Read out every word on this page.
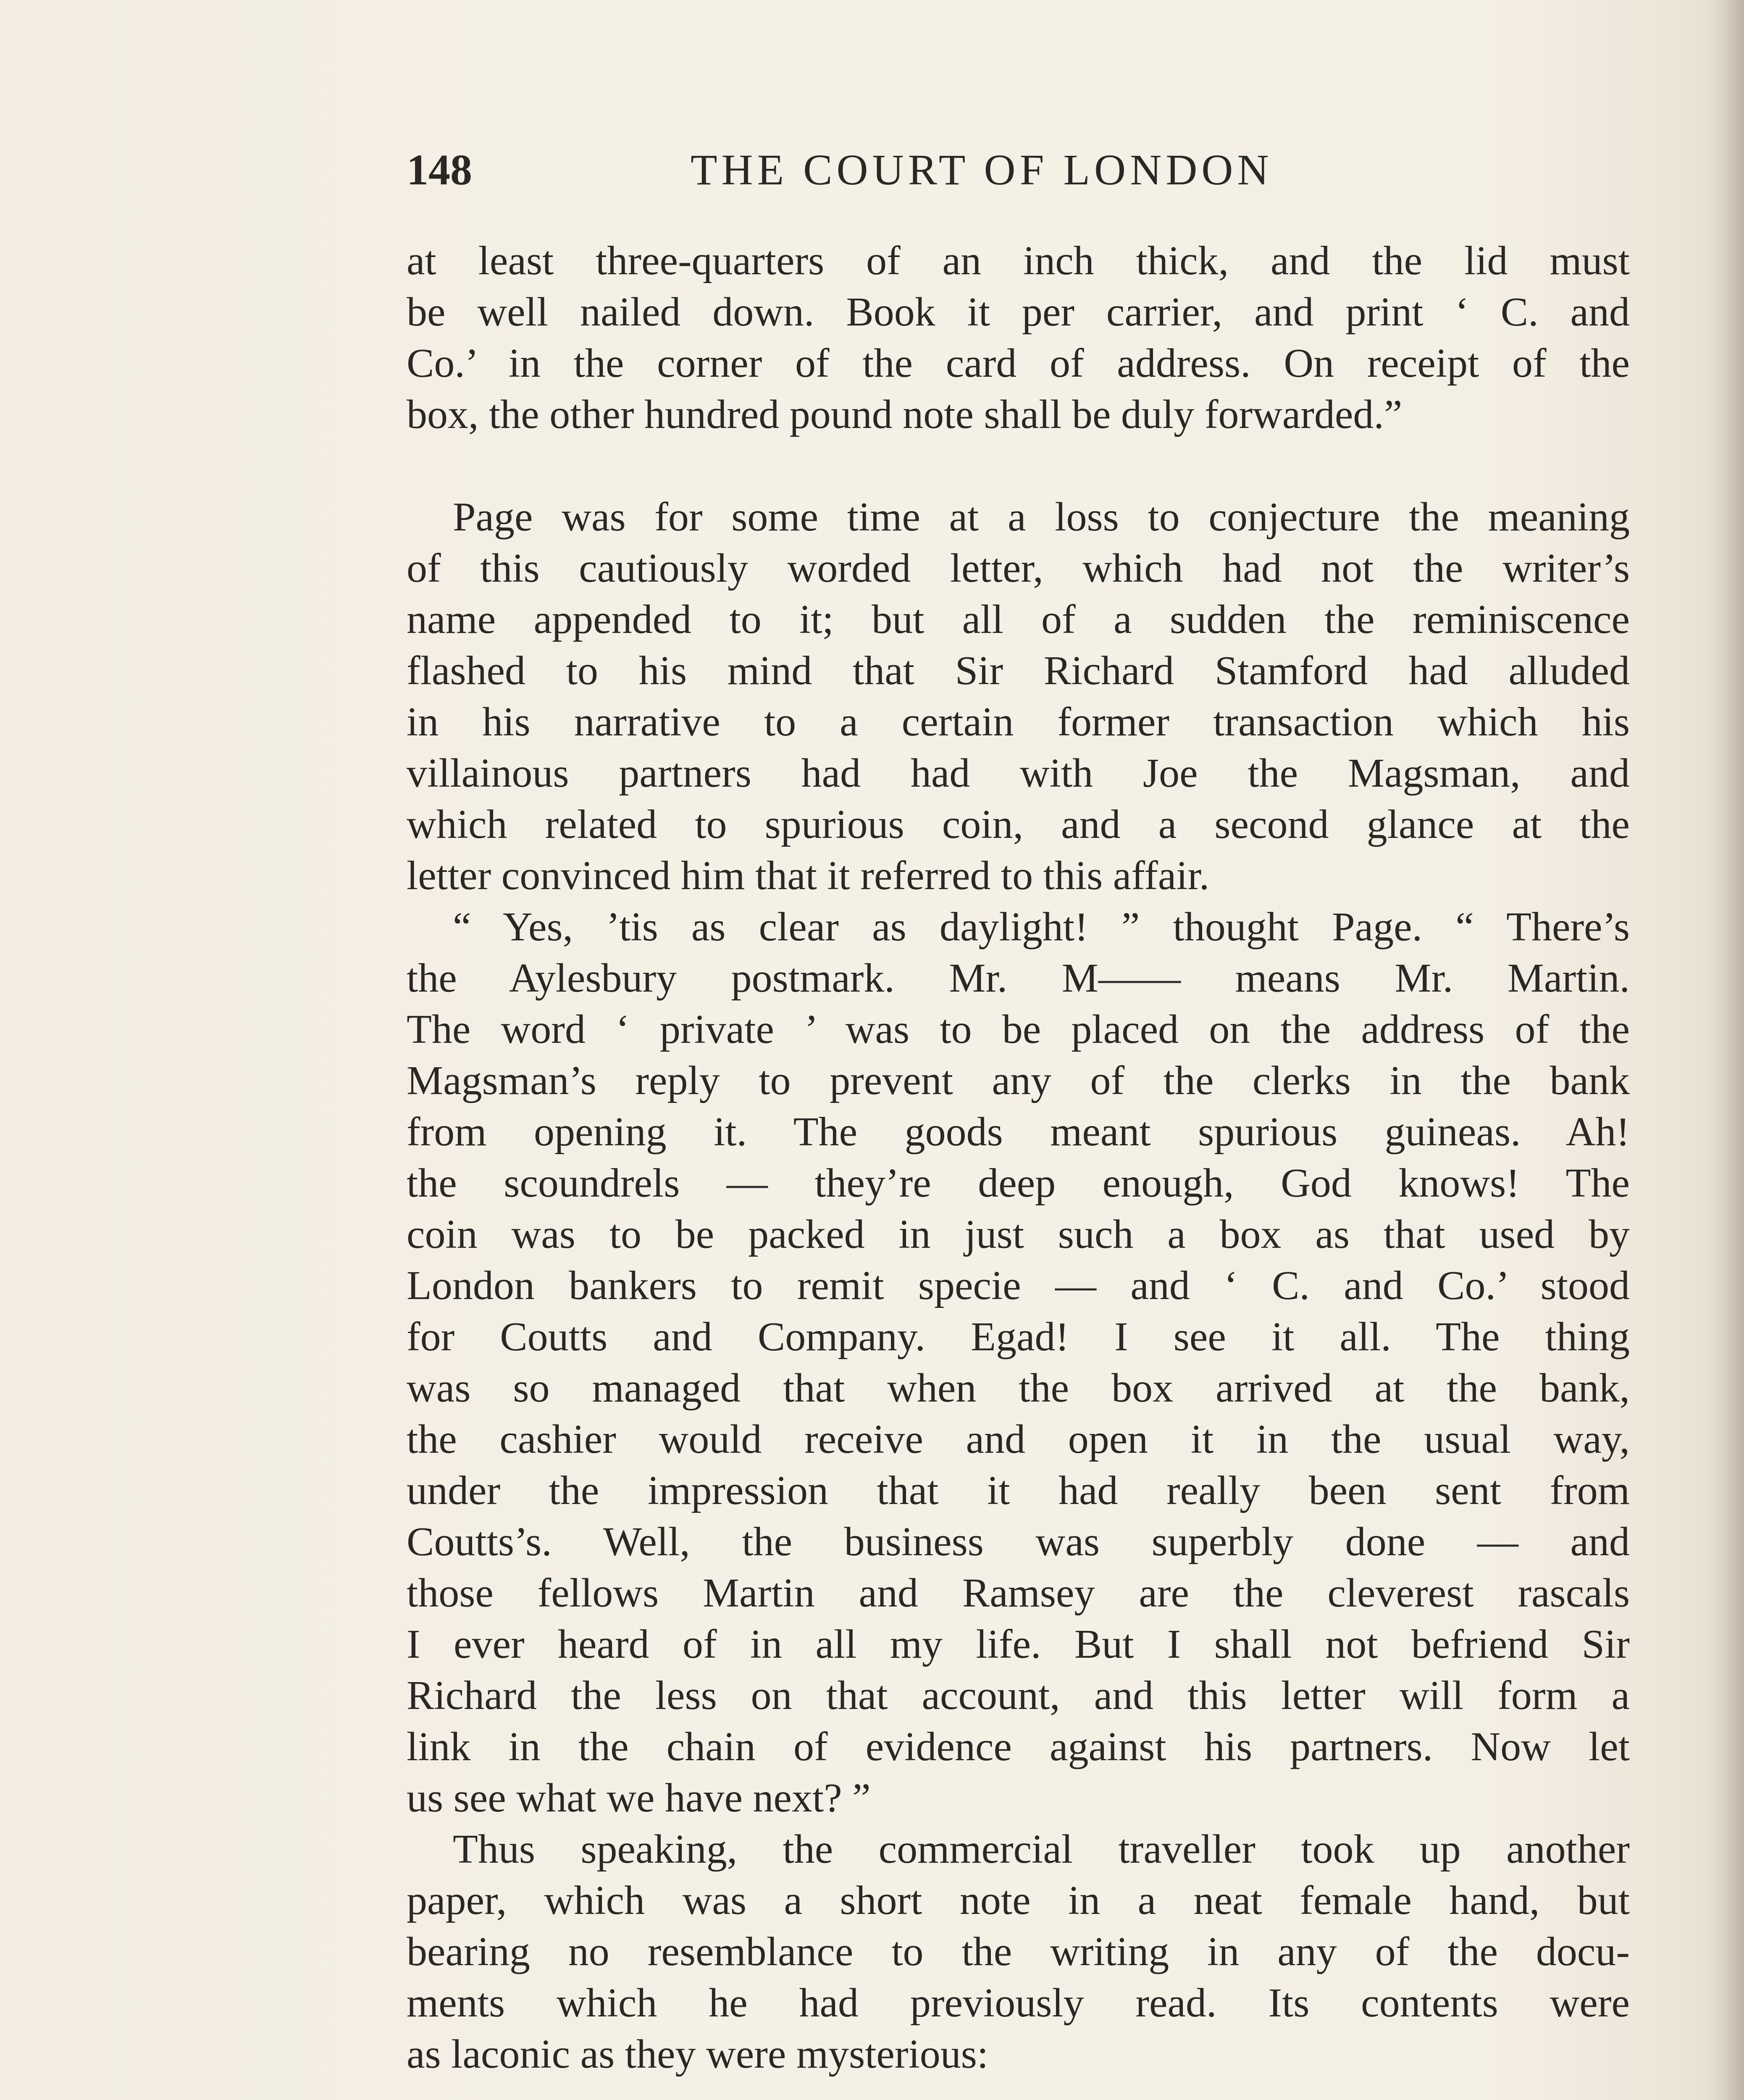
148	THE COURT OF LONDON
at least three-quarters of an inch thick, and the lid must
be well nailed down. Book it per carrier, and print ‘ C. and
Co.’ in the corner of the card of address. On receipt of the
box, the other hundred pound note shall be duly forwarded.”
Page was for some time at a loss to conjecture the meaning
of this cautiously worded letter, which had not the writer’s
name appended to it; but all of a sudden the reminiscence
flashed to his mind that Sir Richard Stamford had alluded
in his narrative to a certain former transaction which his
villainous partners had had with Joe the Magsman, and
which related to spurious coin, and a second glance at the
letter convinced him that it referred to this affair.
“ Yes, ’tis as clear as daylight! ” thought Page. “ There’s
the Aylesbury postmark. Mr. M—— means Mr. Martin.
The word ‘ private ’ was to be placed on the address of the
Magsman’s reply to prevent any of the clerks in the bank
from opening it. The goods meant spurious guineas. Ah!
the scoundrels — they’re deep enough, God knows! The
coin was to be packed in just such a box as that used by
London bankers to remit specie — and ‘ C. and Co.’ stood
for Coutts and Company. Egad! I see it all. The thing
was so managed that when the box arrived at the bank,
the cashier would receive and open it in the usual way,
under the impression that it had really been sent from
Coutts’s. Well, the business was superbly done — and
those fellows Martin and Ramsey are the cleverest rascals
I ever heard of in all my life. But I shall not befriend Sir
Richard the less on that account, and this letter will form a
link in the chain of evidence against his partners. Now let
us see what we have next? ”
Thus speaking, the commercial traveller took up another
paper, which was a short note in a neat female hand, but
bearing no resemblance to the writing in any of the docu-
ments which he had previously read. Its contents were
as laconic as they were mysterious:
